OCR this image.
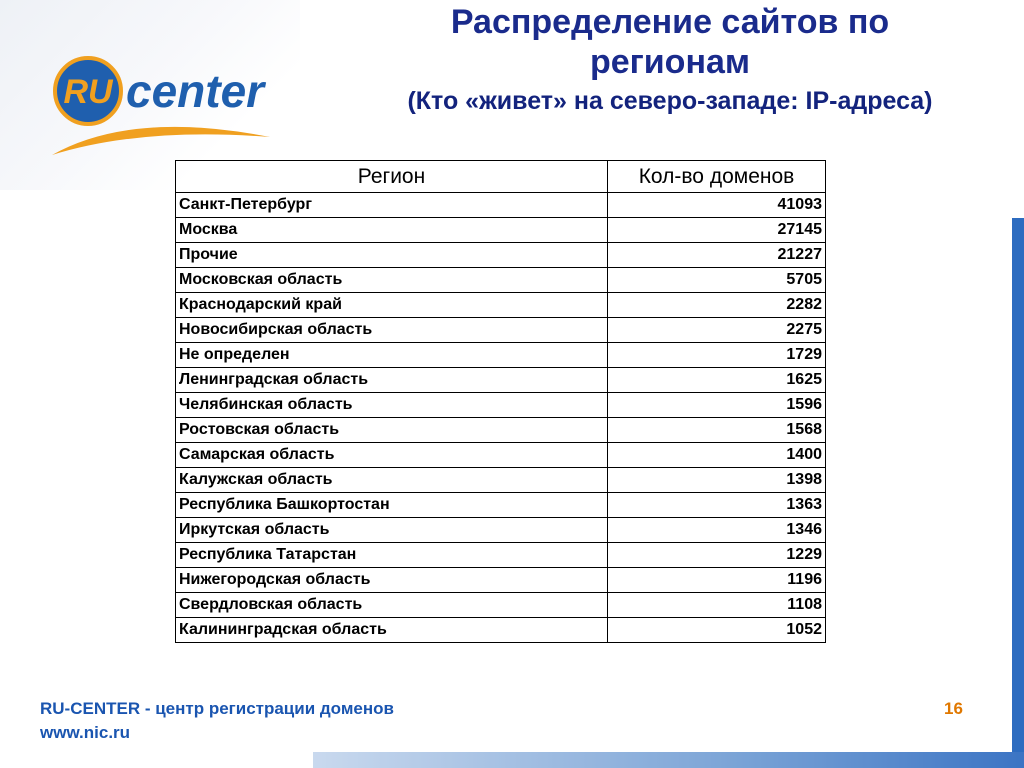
RU center
Распределение сайтов по
регионам
(Кто «живет» на северо-западе: IP-адреса)
Регион	Кол-во доменов
Санкт-Петербург	41093
Москва	27145
Прочие	21227
Московская область	5705
Краснодарский край	2282
Новосибирская область	2275
Не определен	1729
Ленинградская область	1625
Челябинская область	1596
Ростовская область	1568
Самарская область	1400
Калужская область	1398
Республика Башкортостан	1363
Иркутская область	1346
Республика Татарстан	1229
Нижегородская область	1196
Свердловская область	1108
Калининградская область	1052
RU-CENTER - центр регистрации доменов
www.nic.ru
16
